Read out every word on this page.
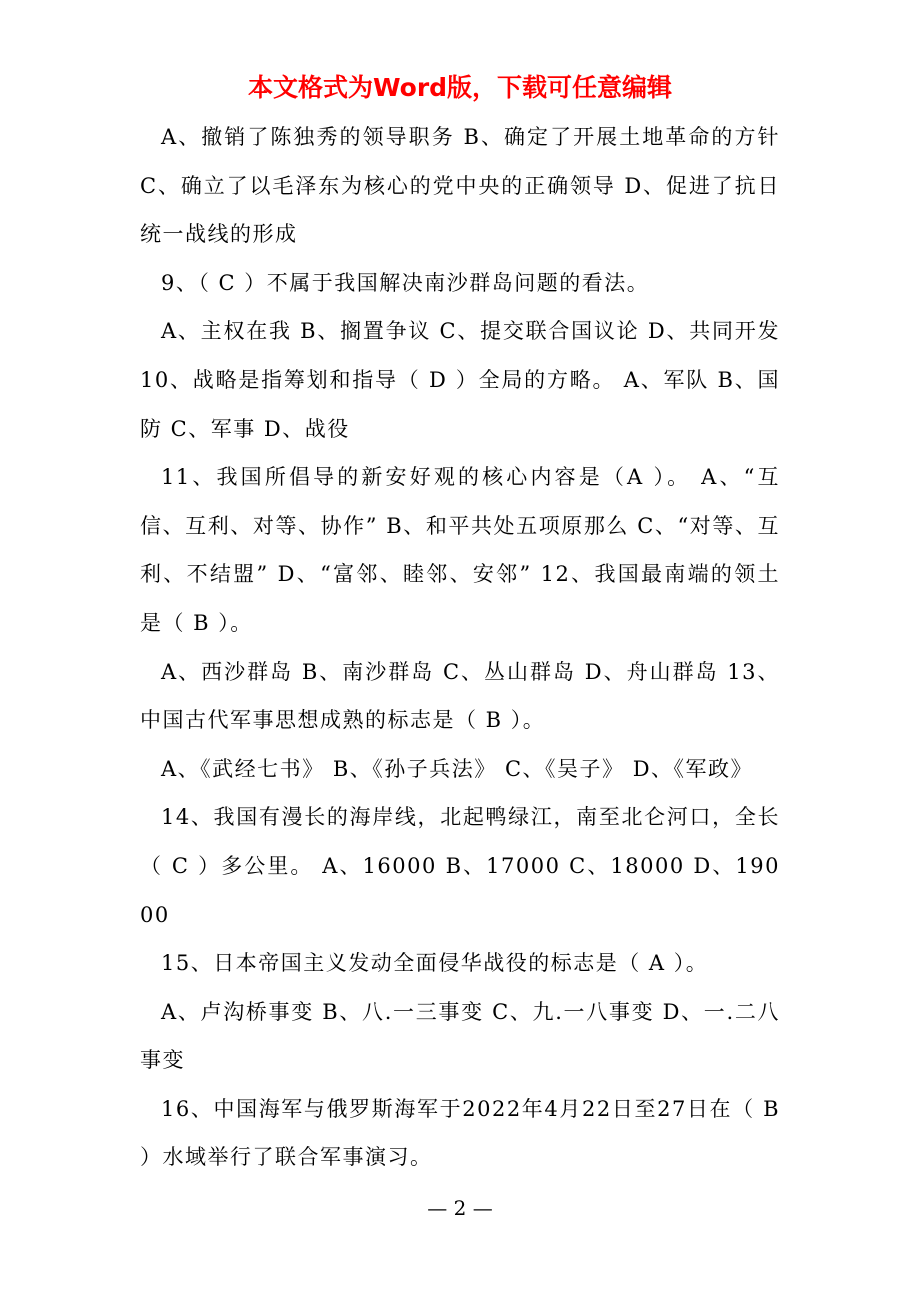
本文格式为Word版，下载可任意编辑

A、撤销了陈独秀的领导职务 B、确定了开展土地革命的方针 C、确立了以毛泽东为核心的党中央的正确领导 D、促进了抗日统一战线的形成

9、（ C ）不属于我国解决南沙群岛问题的看法。

A、主权在我 B、搁置争议 C、提交联合国议论 D、共同开发 10、战略是指筹划和指导（ D ）全局的方略。 A、军队 B、国防 C、军事 D、战役

11、我国所倡导的新安好观的核心内容是（A ）。 A、“互信、互利、对等、协作” B、和平共处五项原那么 C、“对等、互利、不结盟” D、“富邻、睦邻、安邻” 12、我国最南端的领土是（ B ）。

A、西沙群岛 B、南沙群岛 C、丛山群岛 D、舟山群岛 13、中国古代军事思想成熟的标志是（ B ）。

A、《武经七书》 B、《孙子兵法》 C、《吴子》 D、《军政》

14、我国有漫长的海岸线，北起鸭绿江，南至北仑河口，全长（ C ）多公里。 A、16000 B、17000 C、18000 D、19000

15、日本帝国主义发动全面侵华战役的标志是（ A ）。

A、卢沟桥事变 B、八.一三事变 C、九.一八事变 D、一.二八事变

16、中国海军与俄罗斯海军于2022年4月22日至27日在（ B ）水域举行了联合军事演习。

— 2 —
